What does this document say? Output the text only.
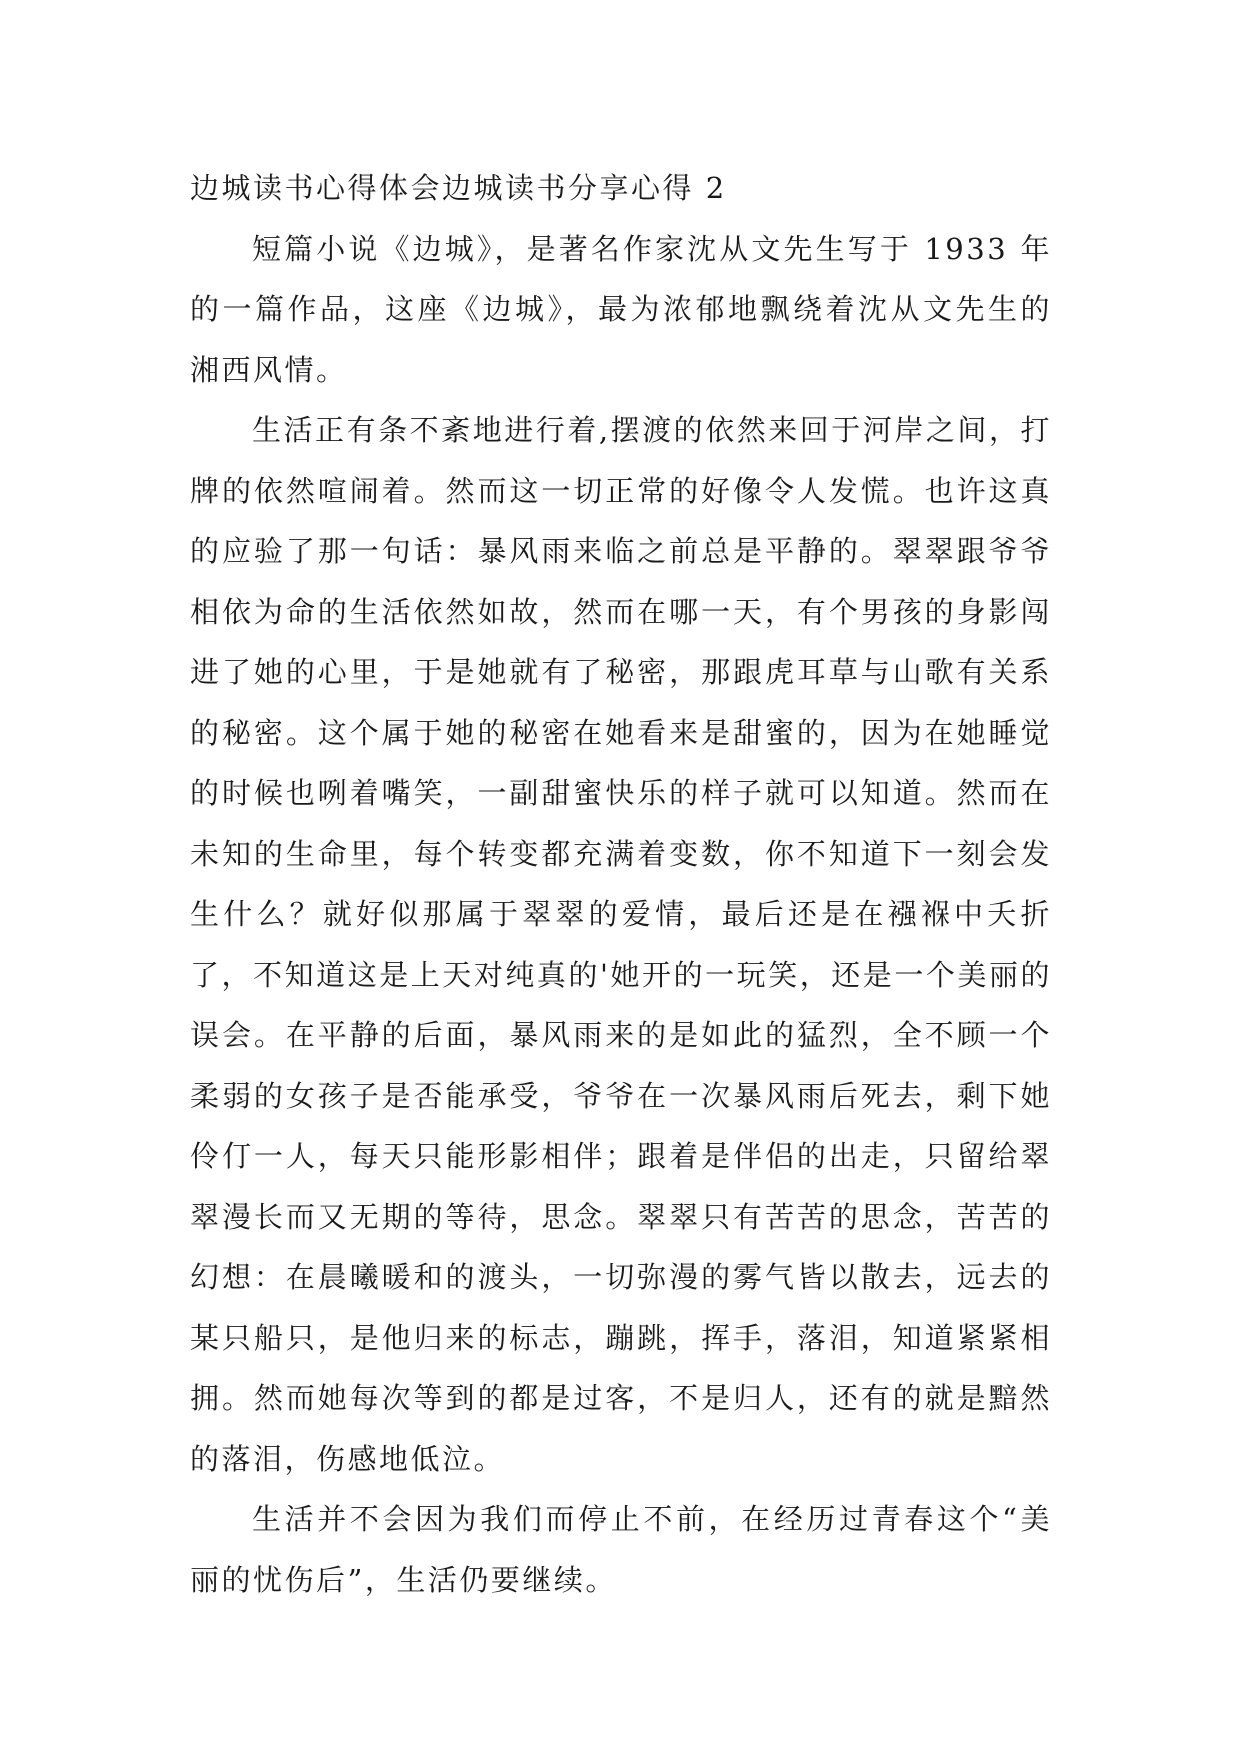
边城读书心得体会边城读书分享心得 2

短篇小说《边城》，是著名作家沈从文先生写于 1933 年的一篇作品，这座《边城》，最为浓郁地飘绕着沈从文先生的湘西风情。

生活正有条不紊地进行着,摆渡的依然来回于河岸之间，打牌的依然喧闹着。然而这一切正常的好像令人发慌。也许这真的应验了那一句话：暴风雨来临之前总是平静的。翠翠跟爷爷相依为命的生活依然如故，然而在哪一天，有个男孩的身影闯进了她的心里，于是她就有了秘密，那跟虎耳草与山歌有关系的秘密。这个属于她的秘密在她看来是甜蜜的，因为在她睡觉的时候也咧着嘴笑，一副甜蜜快乐的样子就可以知道。然而在未知的生命里，每个转变都充满着变数，你不知道下一刻会发生什么？就好似那属于翠翠的爱情，最后还是在襁褓中夭折了，不知道这是上天对纯真的'她开的一玩笑，还是一个美丽的误会。在平静的后面，暴风雨来的是如此的猛烈，全不顾一个柔弱的女孩子是否能承受，爷爷在一次暴风雨后死去，剩下她伶仃一人，每天只能形影相伴；跟着是伴侣的出走，只留给翠翠漫长而又无期的等待，思念。翠翠只有苦苦的思念，苦苦的幻想：在晨曦暖和的渡头，一切弥漫的雾气皆以散去，远去的某只船只，是他归来的标志，蹦跳，挥手，落泪，知道紧紧相拥。然而她每次等到的都是过客，不是归人，还有的就是黯然的落泪，伤感地低泣。

生活并不会因为我们而停止不前，在经历过青春这个“美丽的忧伤后”，生活仍要继续。
